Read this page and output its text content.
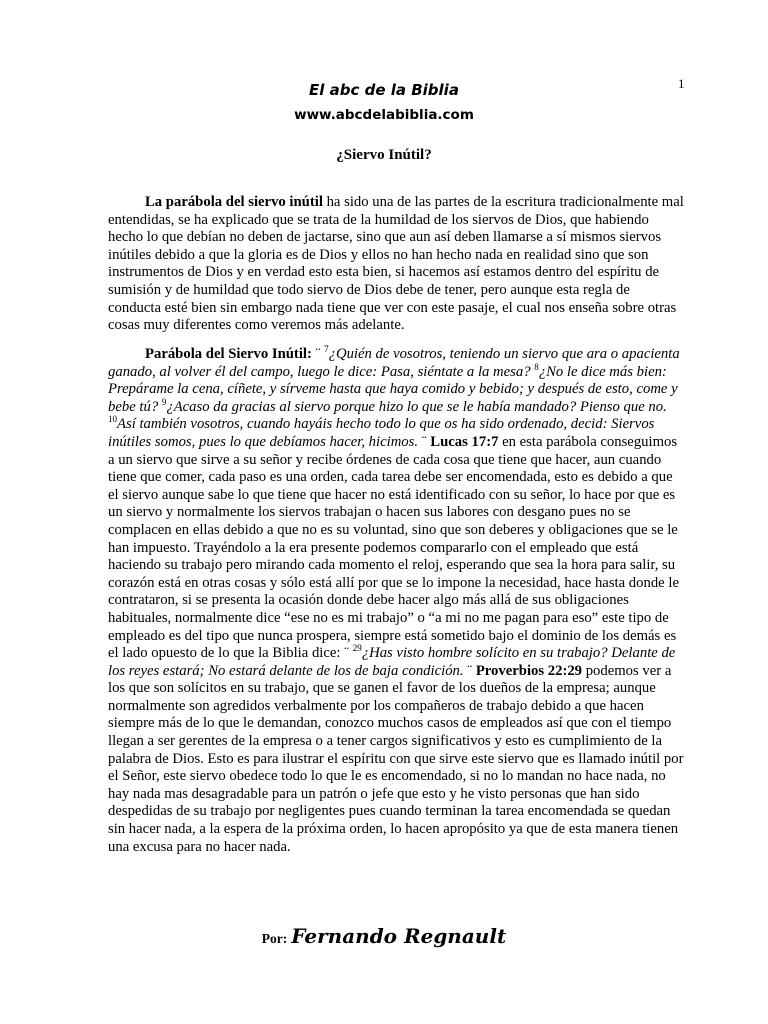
1
El abc de la Biblia
www.abcdelabiblia.com
¿Siervo Inútil?

La parábola del siervo inútil ha sido una de las partes de la escritura tradicionalmente mal entendidas, se ha explicado que se trata de la humildad de los siervos de Dios, que habiendo hecho lo que debían no deben de jactarse, sino que aun así deben llamarse a sí mismos siervos inútiles debido a que la gloria es de Dios y ellos no han hecho nada en realidad sino que son instrumentos de Dios y en verdad esto esta bien, si hacemos así estamos dentro del espíritu de sumisión y de humildad que todo siervo de Dios debe de tener, pero aunque esta regla de conducta esté bien sin embargo nada tiene que ver con este pasaje, el cual nos enseña sobre otras cosas muy diferentes como veremos más adelante.

Parábola del Siervo Inútil: ¨ $^7$¿Quién de vosotros, teniendo un siervo que ara o apacienta ganado, al volver él del campo, luego le dice: Pasa, siéntate a la mesa? $^8$¿No le dice más bien: Prepárame la cena, cíñete, y sírveme hasta que haya comido y bebido; y después de esto, come y bebe tú? $^9$¿Acaso da gracias al siervo porque hizo lo que se le había mandado? Pienso que no. $^{10}$Así también vosotros, cuando hayáis hecho todo lo que os ha sido ordenado, decid: Siervos inútiles somos, pues lo que debíamos hacer, hicimos. ¨ Lucas 17:7 en esta parábola conseguimos a un siervo que sirve a su señor y recibe órdenes de cada cosa que tiene que hacer, aun cuando tiene que comer, cada paso es una orden, cada tarea debe ser encomendada, esto es debido a que el siervo aunque sabe lo que tiene que hacer no está identificado con su señor, lo hace por que es un siervo y normalmente los siervos trabajan o hacen sus labores con desgano pues no se complacen en ellas debido a que no es su voluntad, sino que son deberes y obligaciones que se le han impuesto. Trayéndolo a la era presente podemos compararlo con el empleado que está haciendo su trabajo pero mirando cada momento el reloj, esperando que sea la hora para salir, su corazón está en otras cosas y sólo está allí por que se lo impone la necesidad, hace hasta donde le contrataron, si se presenta la ocasión donde debe hacer algo más allá de sus obligaciones habituales, normalmente dice “ese no es mi trabajo” o “a mi no me pagan para eso” este tipo de empleado es del tipo que nunca prospera, siempre está sometido bajo el dominio de los demás es el lado opuesto de lo que la Biblia dice: ¨ $^{29}$¿Has visto hombre solícito en su trabajo? Delante de los reyes estará; No estará delante de los de baja condición. ¨ Proverbios 22:29 podemos ver a los que son solícitos en su trabajo, que se ganen el favor de los dueños de la empresa; aunque normalmente son agredidos verbalmente por los compañeros de trabajo debido a que hacen siempre más de lo que le demandan, conozco muchos casos de empleados así que con el tiempo llegan a ser gerentes de la empresa o a tener cargos significativos y esto es cumplimiento de la palabra de Dios. Esto es para ilustrar el espíritu con que sirve este siervo que es llamado inútil por el Señor, este siervo obedece todo lo que le es encomendado, si no lo mandan no hace nada, no hay nada mas desagradable para un patrón o jefe que esto y he visto personas que han sido despedidas de su trabajo por negligentes pues cuando terminan la tarea encomendada se quedan sin hacer nada, a la espera de la próxima orden, lo hacen apropósito ya que de esta manera tienen una excusa para no hacer nada.

Por: Fernando Regnault
